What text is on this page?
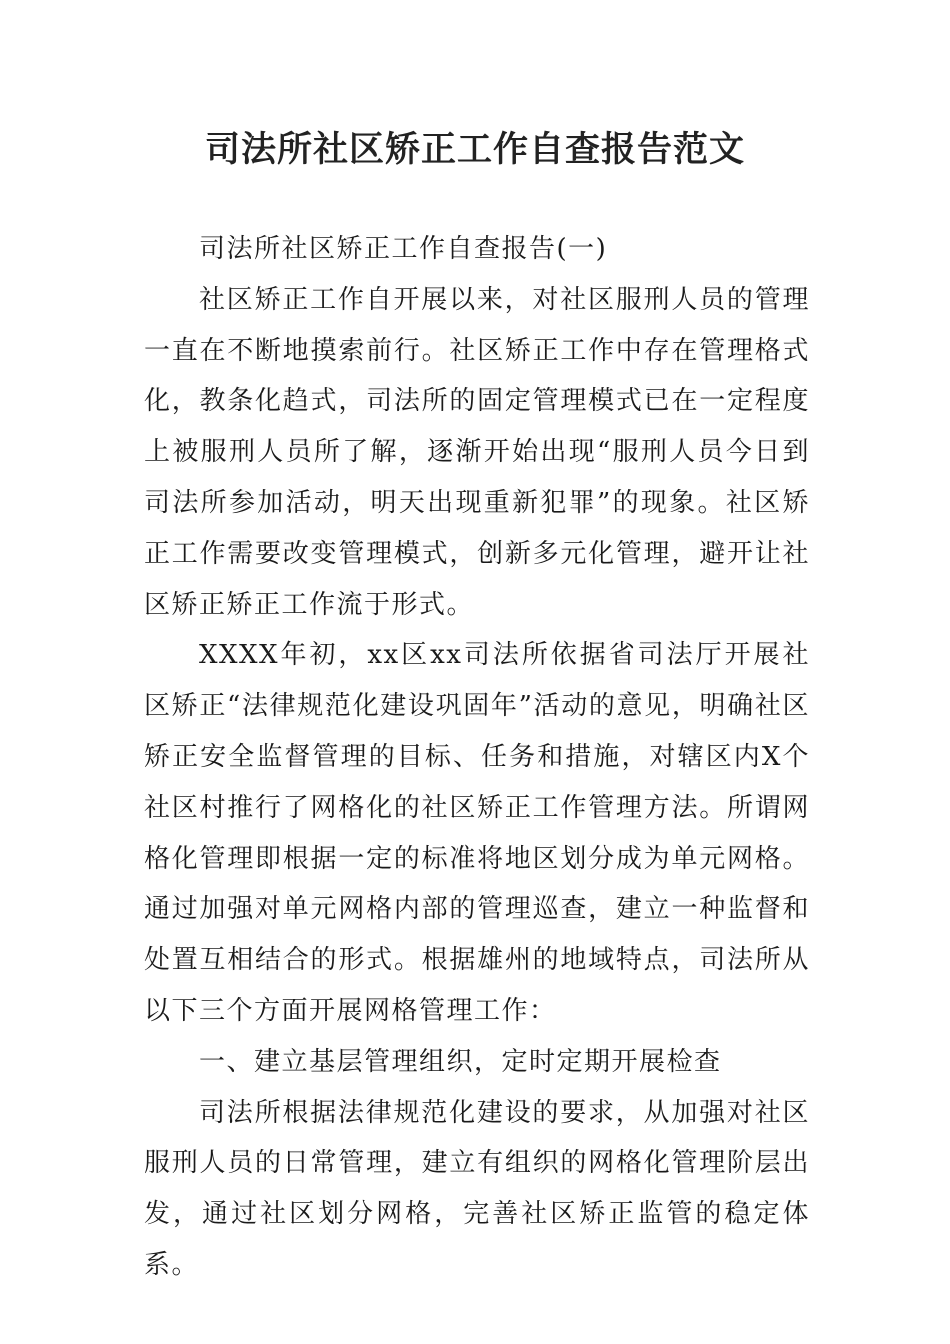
司法所社区矫正工作自查报告范文

司法所社区矫正工作自查报告(一)

社区矫正工作自开展以来，对社区服刑人员的管理一直在不断地摸索前行。社区矫正工作中存在管理格式化，教条化趋式，司法所的固定管理模式已在一定程度上被服刑人员所了解，逐渐开始出现“服刑人员今日到司法所参加活动，明天出现重新犯罪”的现象。社区矫正工作需要改变管理模式，创新多元化管理，避开让社区矫正矫正工作流于形式。

XXXX年初，xx区xx司法所依据省司法厅开展社区矫正“法律规范化建设巩固年”活动的意见，明确社区矫正安全监督管理的目标、任务和措施，对辖区内X个社区村推行了网格化的社区矫正工作管理方法。所谓网格化管理即根据一定的标准将地区划分成为单元网格。通过加强对单元网格内部的管理巡查，建立一种监督和处置互相结合的形式。根据雄州的地域特点，司法所从以下三个方面开展网格管理工作：

一、建立基层管理组织，定时定期开展检查

司法所根据法律规范化建设的要求，从加强对社区服刑人员的日常管理，建立有组织的网格化管理阶层出发，通过社区划分网格，完善社区矫正监管的稳定体系。
